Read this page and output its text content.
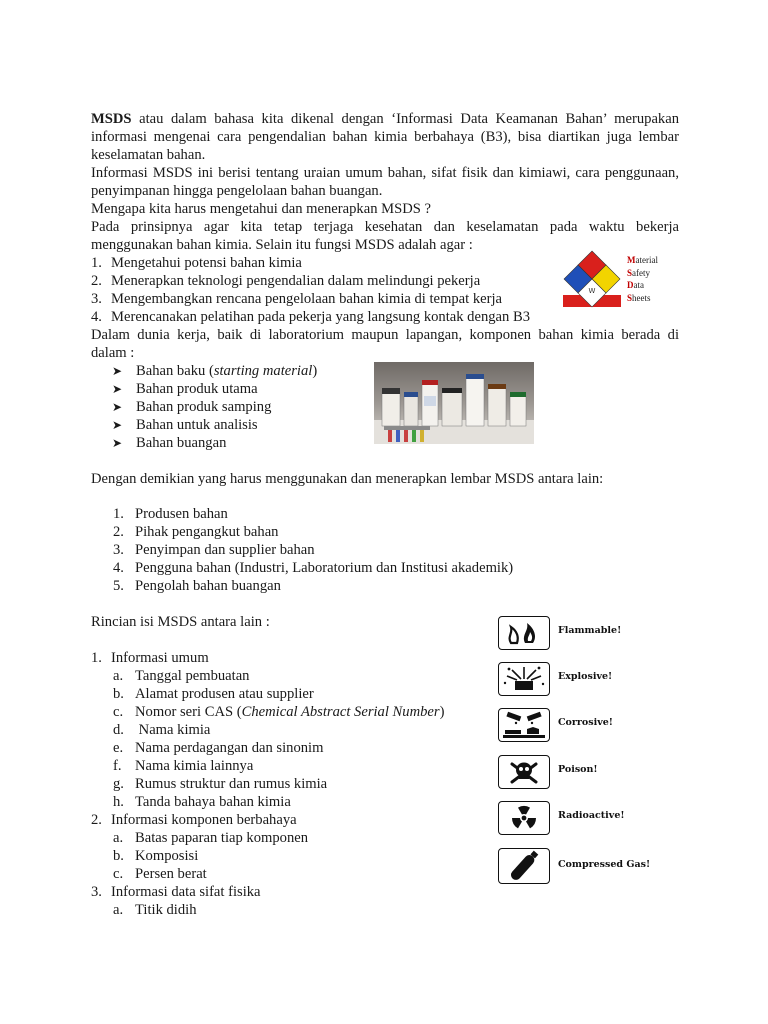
MSDS atau dalam bahasa kita dikenal dengan ‘Informasi Data Keamanan Bahan’ merupakan

informasi mengenai cara pengendalian bahan kimia berbahaya (B3), bisa diartikan juga lembar

keselamatan bahan.

Informasi MSDS ini berisi tentang uraian umum bahan, sifat fisik dan kimiawi, cara penggunaan,

penyimpanan hingga pengelolaan bahan buangan.

Mengapa kita harus mengetahui dan menerapkan MSDS ?

Pada prinsipnya agar kita tetap terjaga kesehatan dan keselamatan pada waktu bekerja

menggunakan bahan kimia. Selain itu fungsi MSDS adalah agar :

1. Mengetahui potensi bahan kimia
2. Menerapkan teknologi pengendalian dalam melindungi pekerja
3. Mengembangkan rencana pengelolaan bahan kimia di tempat kerja
4. Merencanakan pelatihan pada pekerja yang langsung kontak dengan B3
W
Material
Safety
Data
Sheets

Dalam dunia kerja, baik di laboratorium maupun lapangan, komponen bahan kimia berada di

dalam :

➤ Bahan baku (starting material)
➤ Bahan produk utama
➤ Bahan produk samping
➤ Bahan untuk analisis
➤ Bahan buangan

Dengan demikian yang harus menggunakan dan menerapkan lembar MSDS antara lain:

1. Produsen bahan
2. Pihak pengangkut bahan
3. Penyimpan dan supplier bahan
4. Pengguna bahan (Industri, Laboratorium dan Institusi akademik)
5. Pengolah bahan buangan

Rincian isi MSDS antara lain :

1. Informasi umum
a. Tanggal pembuatan
b. Alamat produsen atau supplier
c. Nomor seri CAS (Chemical Abstract Serial Number)
d. Nama kimia
e. Nama perdagangan dan sinonim
f. Nama kimia lainnya
g. Rumus struktur dan rumus kimia
h. Tanda bahaya bahan kimia
2. Informasi komponen berbahaya
a. Batas paparan tiap komponen
b. Komposisi
c. Persen berat
3. Informasi data sifat fisika
a. Titik didih
Flammable!
Explosive!
Corrosive!
Poison!
Radioactive!
Compressed Gas!
